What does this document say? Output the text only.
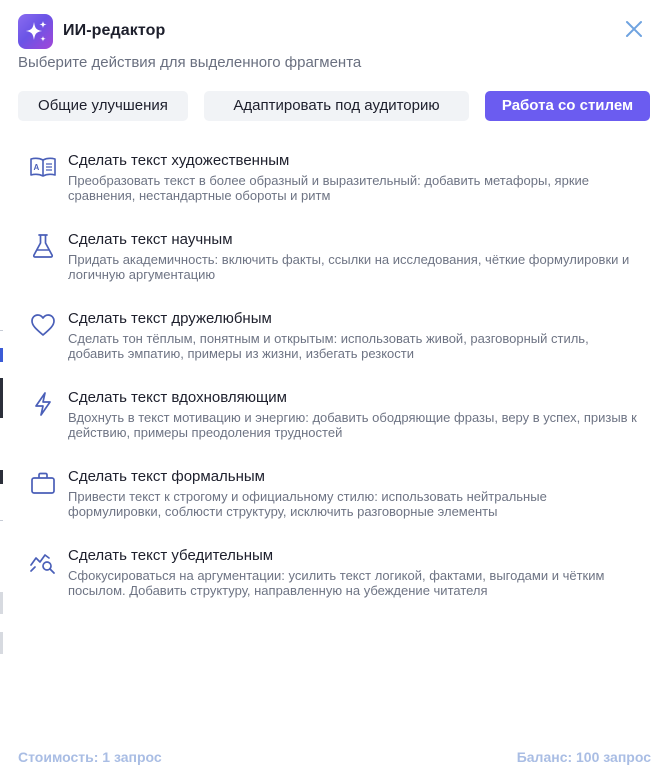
ИИ-редактор
Выберите действия для выделенного фрагмента
Общие улучшения	Адаптировать под аудиторию	Работа со стилем
A Сделать текст художественным
Преобразовать текст в более образный и выразительный: добавить метафоры, яркие сравнения, нестандартные обороты и ритм
Сделать текст научным
Придать академичность: включить факты, ссылки на исследования, чёткие формулировки и логичную аргументацию
Сделать текст дружелюбным
Сделать тон тёплым, понятным и открытым: использовать живой, разговорный стиль, добавить эмпатию, примеры из жизни, избегать резкости
Сделать текст вдохновляющим
Вдохнуть в текст мотивацию и энергию: добавить ободряющие фразы, веру в успех, призыв к действию, примеры преодоления трудностей
Сделать текст формальным
Привести текст к строгому и официальному стилю: использовать нейтральные формулировки, соблюсти структуру, исключить разговорные элементы
Сделать текст убедительным
Сфокусироваться на аргументации: усилить текст логикой, фактами, выгодами и чётким посылом. Добавить структуру, направленную на убеждение читателя
Стоимость: 1 запрос	Баланс: 100 запрос
